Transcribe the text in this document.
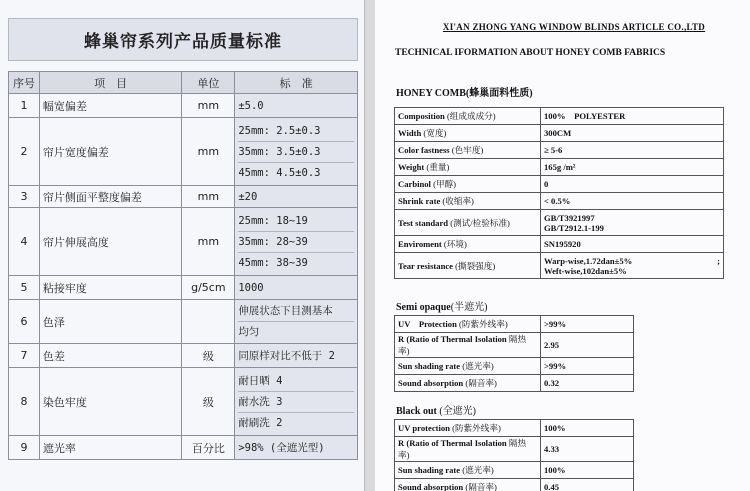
蜂巢帘系列产品质量标准
序号	项　目	单位	标　准
1	幅宽偏差	mm	±5.0

2	帘片宽度偏差	mm	25mm: 2.5±0.3
35mm: 3.5±0.3
45mm: 4.5±0.3

3	帘片侧面平整度偏差	mm	±20

4	帘片伸展高度	mm	25mm: 18~19
35mm: 28~39
45mm: 38~39

5	粘接牢度	g/5cm	1000

6	色泽		伸展状态下目测基本
均匀

7	色差	级	同原样对比不低于 2

8	染色牢度	级	耐日晒 4
耐水洗 3
耐刷洗 2

9	遮光率	百分比	>98% (全遮光型)
XI'AN ZHONG YANG WINDOW BLINDS ARTICLE CO.,LTD
TECHNICAL IFORMATION ABOUT HONEY COMB FABRICS
HONEY COMB(蜂巢面料性质)
Composition (组成成成分)	100%　POLYESTER
Width (宽度)	300CM
Color fastness (色牢度)	≥ 5-6
Weight (重量)	165g /m²
Carbinol (甲醇)	0
Shrink rate (收缩率)	< 0.5%
Test standard (测试/检验标准)	GB/T3921997
GB/T2912.1-199

Enviroment (环境)	SN195920
Tear resistance (撕裂强度)	;
Warp-wise,1.72dan±5%
Weft-wise,102dan±5%
Semi opaque(半遮光)
UV　Protection (防紫外线率)	>99%
R (Ratio of Thermal Isolation 隔热率)	2.95
Sun shading rate (遮光率)	>99%
Sound absorption (隔音率)	0.32
Black out (全遮光)
UV protection (防紫外线率)	100%
R (Ratio of Thermal Isolation 隔热率)	4.33
Sun shading rate (遮光率)	100%
Sound absorption (隔音率)	0.45
